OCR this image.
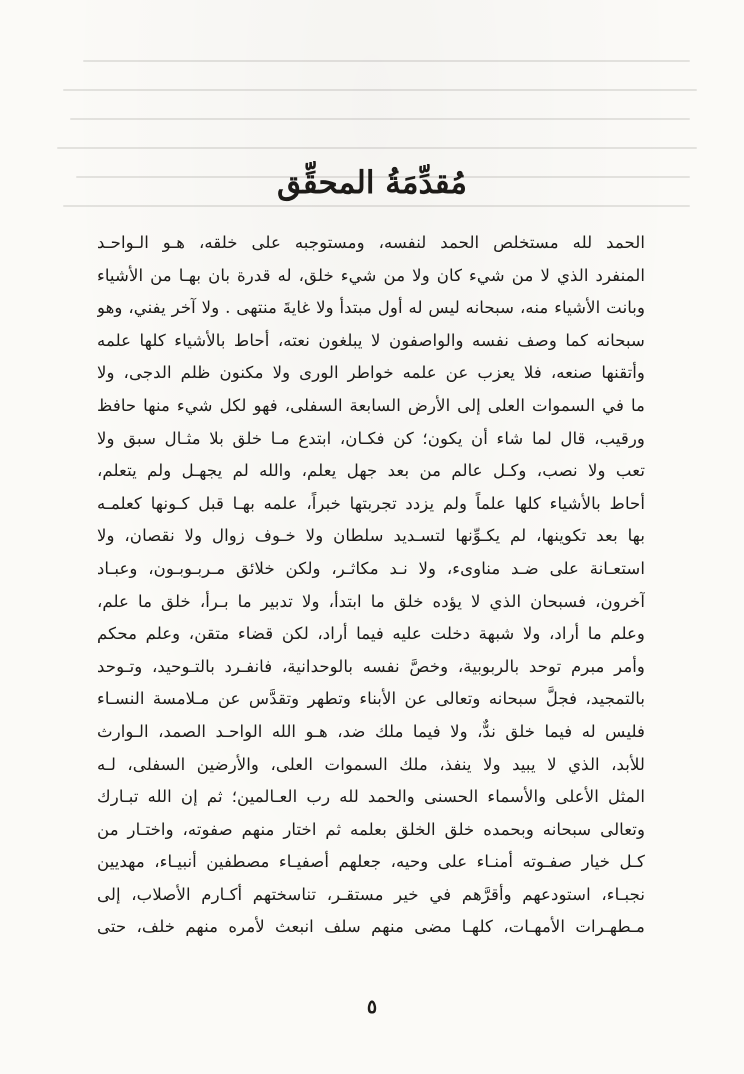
مُقدِّمَةُ المحقِّق
الحمد لله مستخلص الحمد لنفسه، ومستوجبه على خلقه، هـو الـواحـد
المنفرد الذي لا من شيء كان ولا من شيء خلق، له قدرة بان بهـا من الأشياء
وبانت الأشياء منه، سبحانه ليس له أول مبتدأ ولا غايةَ منتهى . ولا آخر يفني، وهو
سبحانه كما وصف نفسه والواصفون لا يبلغون نعته، أحاط بالأشياء كلها علمه
وأتقنها صنعه، فلا يعزب عن علمه خواطر الورى ولا مكنون ظلم الدجى، ولا
ما في السموات العلى إلى الأرض السابعة السفلى، فهو لكل شيء منها حافظ
ورقيب، قال لما شاء أن يكون؛ كن فكـان، ابتدع مـا خلق بلا مثـال سبق ولا
تعب ولا نصب، وكـل عالم من بعد جهل يعلم، والله لم يجهـل ولم يتعلم،
أحاط بالأشياء كلها علماً ولم يزدد تجربتها خبراً، علمه بهـا قبل كـونها كعلمـه
بها بعد تكوينها، لم يكـوِّنها لتسـديد سلطان ولا خـوف زوال ولا نقصان، ولا
استعـانة على ضـد مناوىء، ولا نـد مكاثـر، ولكن خلائق مـربـوبـون، وعبـاد
آخرون، فسبحان الذي لا يؤده خلق ما ابتدأ، ولا تدبير ما بـرأ، خلق ما علم،
وعلم ما أراد، ولا شبهة دخلت عليه فيما أراد، لكن قضاء متقن، وعلم محكم
وأمر مبرم توحد بالربوبية، وخصَّ نفسه بالوحدانية، فانفـرد بالتـوحيد، وتـوحد
بالتمجيد، فجلَّ سبحانه وتعالى عن الأبناء وتطهر وتقدَّس عن مـلامسة النسـاء
فليس له فيما خلق ندٌّ، ولا فيما ملك ضد، هـو الله الواحـد الصمد، الـوارث
للأبد، الذي لا يبيد ولا ينفذ، ملك السموات العلى، والأرضين السفلى، لـه
المثل الأعلى والأسماء الحسنى والحمد لله رب العـالمين؛ ثم إن الله تبـارك
وتعالى سبحانه وبحمده خلق الخلق بعلمه ثم اختار منهم صفوته، واختـار من
كـل خيار صفـوته أمنـاء على وحيه، جعلهم أصفيـاء مصطفين أنبيـاء، مهديين
نجبـاء، استودعهم وأقرَّهم في خير مستقـر، تناسختهم أكـارم الأصلاب، إلى
مـطهـرات الأمهـات، كلهـا مضى منهم سلف انبعث لأمره منهم خلف، حتى
٥
